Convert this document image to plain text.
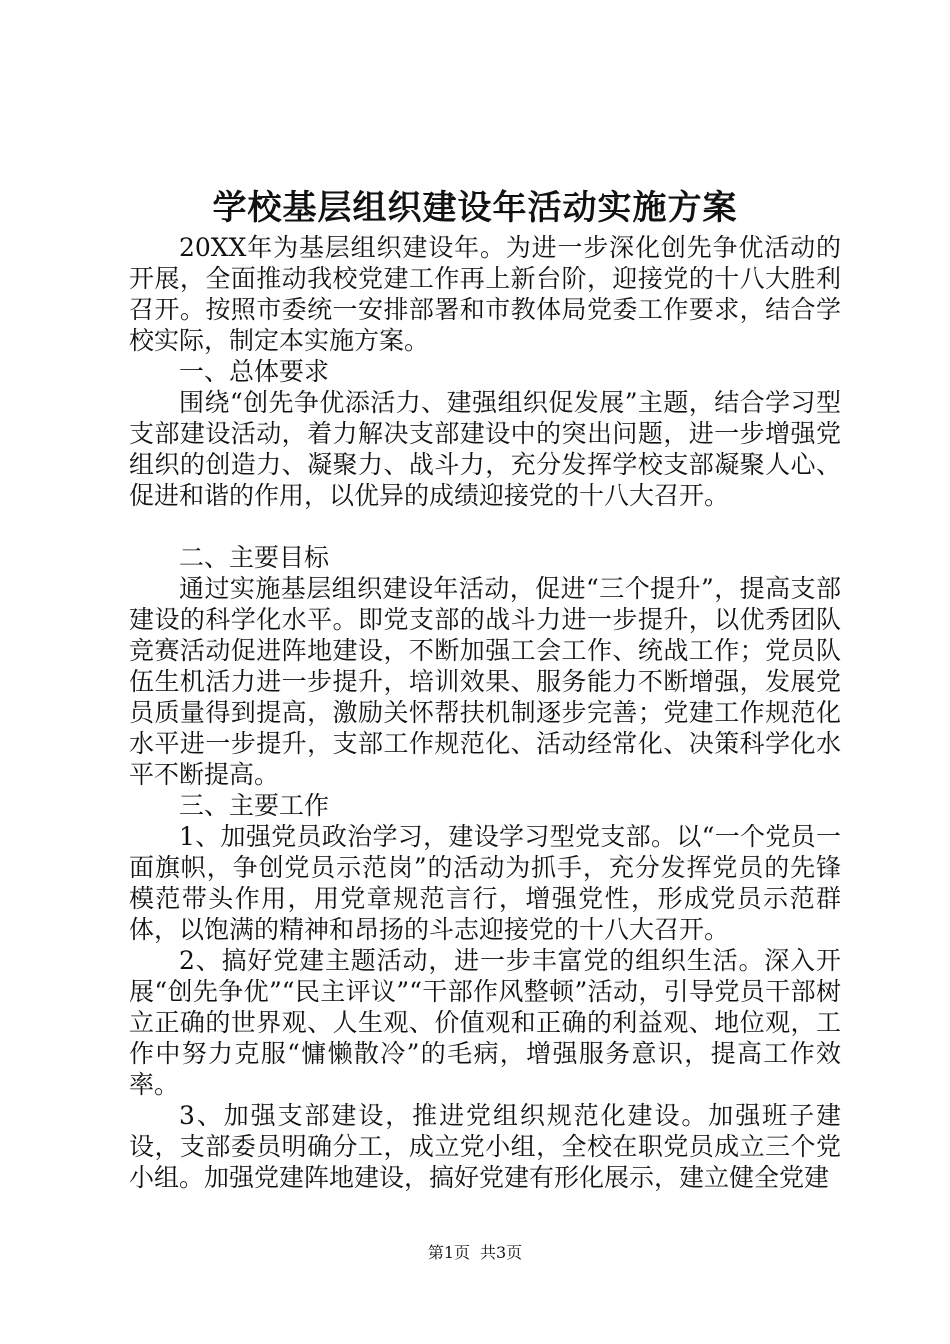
学校基层组织建设年活动实施方案

20XX年为基层组织建设年。为进一步深化创先争优活动的开展，全面推动我校党建工作再上新台阶，迎接党的十八大胜利召开。按照市委统一安排部署和市教体局党委工作要求，结合学校实际，制定本实施方案。

一、总体要求

围绕“创先争优添活力、建强组织促发展”主题，结合学习型支部建设活动，着力解决支部建设中的突出问题，进一步增强党组织的创造力、凝聚力、战斗力，充分发挥学校支部凝聚人心、促进和谐的作用，以优异的成绩迎接党的十八大召开。

二、主要目标

通过实施基层组织建设年活动，促进“三个提升”，提高支部建设的科学化水平。即党支部的战斗力进一步提升，以优秀团队竞赛活动促进阵地建设，不断加强工会工作、统战工作；党员队伍生机活力进一步提升，培训效果、服务能力不断增强，发展党员质量得到提高，激励关怀帮扶机制逐步完善；党建工作规范化水平进一步提升，支部工作规范化、活动经常化、决策科学化水平不断提高。

三、主要工作

1、加强党员政治学习，建设学习型党支部。以“一个党员一面旗帜，争创党员示范岗”的活动为抓手，充分发挥党员的先锋模范带头作用，用党章规范言行，增强党性，形成党员示范群体，以饱满的精神和昂扬的斗志迎接党的十八大召开。

2、搞好党建主题活动，进一步丰富党的组织生活。深入开展“创先争优”“民主评议”“干部作风整顿”活动，引导党员干部树立正确的世界观、人生观、价值观和正确的利益观、地位观，工作中努力克服“慵懒散冷”的毛病，增强服务意识，提高工作效率。

3、加强支部建设，推进党组织规范化建设。加强班子建设，支部委员明确分工，成立党小组，全校在职党员成立三个党小组。加强党建阵地建设，搞好党建有形化展示，建立健全党建

第1页 共3页
